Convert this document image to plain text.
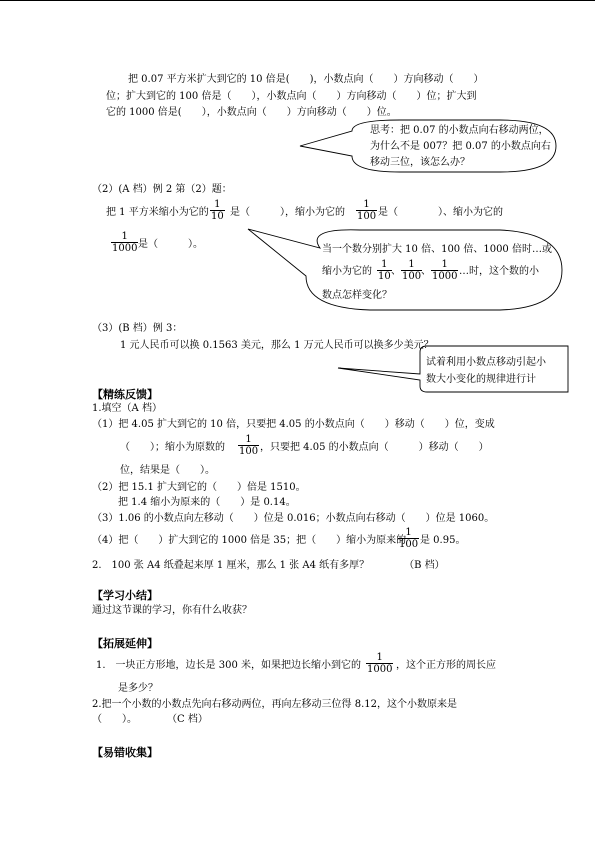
把 0.07 平方米扩大到它的 10 倍是(　　)，小数点向（　　）方向移动（　　）
位；扩大到它的 100 倍是（　　），小数点向（　　）方向移动（　　）位；扩大到
它的 1000 倍是(　　），小数点向（　　）方向移动（　　）位。
思考：把 0.07 的小数点向右移动两位，
为什么不是 007？把 0.07 的小数点向右
移动三位，该怎么办？
（2）(A 档）例 2 第（2）题：
把 1 平方米缩小为它的 $\frac{1}{10}$ 是（　　　），缩小为它的 $\frac{1}{100}$ 是（　　　　）、缩小为它的
$\frac{1}{1000}$ 是（　　　）。	当一个数分别扩大 10 倍、100 倍、1000 倍时…或
缩小为它的 $\frac{1}{10}$ 、 $\frac{1}{100}$
、 $\frac{1}{1000}$ …时，这个数的小
数点怎样变化？
（3）(B 档）例 3：
1 元人民币可以换 0.1563 美元，那么 1 万元人民币可以换多少美元？
试着利用小数点移动引起小
数大小变化的规律进行计
【精练反馈】
1.填空（A 档）
（1）把 4.05 扩大到它的 10 倍，只要把 4.05 的小数点向（　　）移动（　　）位，变成
（　　）；缩小为原数的 $\frac{1}{100}$ ，只要把 4.05 的小数点向（　　　）移动（　　）
位，结果是（　　）。
（2）把 15.1 扩大到它的（　　）倍是 1510。
把 1.4 缩小为原来的（　　）是 0.14。
（3）1.06 的小数点向左移动（　　）位是 0.016；小数点向右移动（　　）位是 1060。
（4）把（　　）扩大到它的 1000 倍是 35；把（　　）缩小为原来的
$\frac{1}{100}$ 是 0.95。
2.　100 张 A4 纸叠起来厚 1 厘米，那么 1 张 A4 纸有多厚？　　　　（B 档）
【学习小结】
通过这节课的学习，你有什么收获？
【拓展延伸】
1.　一块正方形地，边长是 300 米，如果把边长缩小到它的 $\frac{1}{1000}$ ，这个正方形的周长应
是多少？
2.把一个小数的小数点先向右移动两位，再向左移动三位得 8.12，这个小数原来是
（　　）。　　　　（C 档）
【易错收集】
